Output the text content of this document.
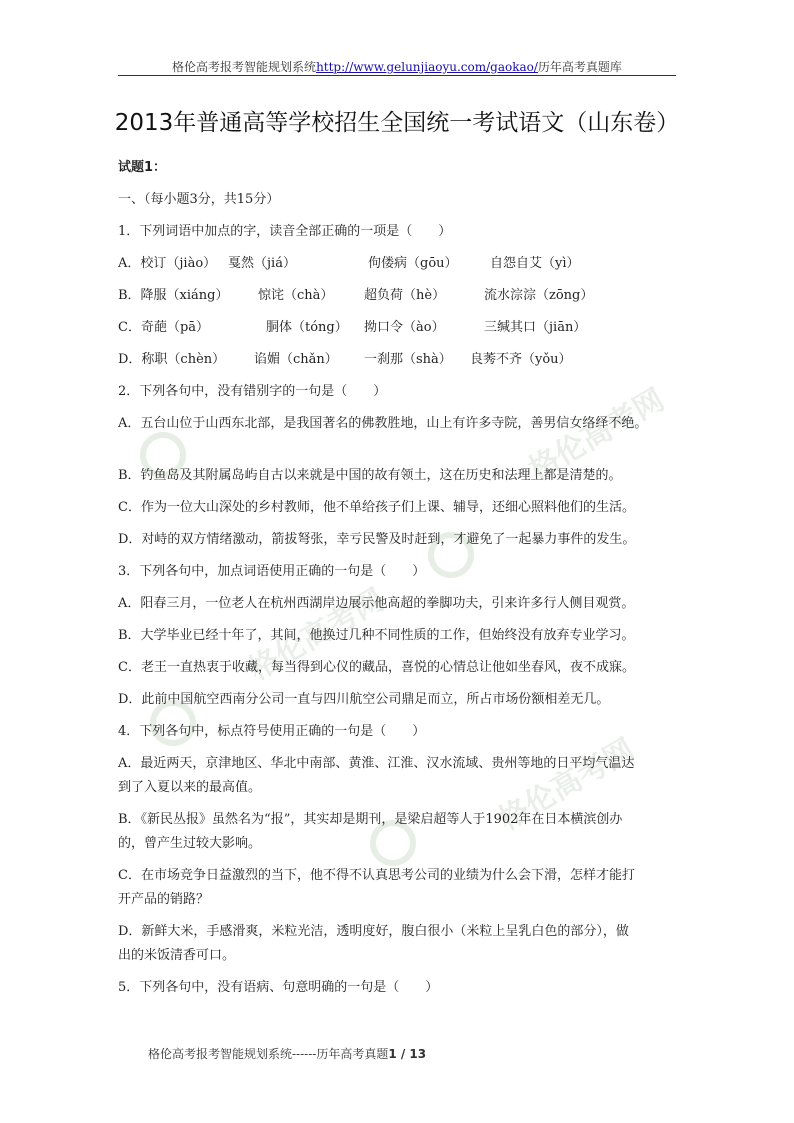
格伦高考报考智能规划系统http://www.gelunjiaoyu.com/gaokao/历年高考真题库
2013年普通高等学校招生全国统一考试语文（山东卷）
格伦高考网
格伦高考网
格伦高考网
试题1：
一、（每小题3分，共15分）
1．下列词语中加点的字，读音全部正确的一项是（　　）
A．校订（jiào） 戛然（jiá）	佝偻病（gōu） 自怨自艾（yì）
B．降服（xiáng） 惊诧（chà） 超负荷（hè）	流水淙淙（zōng）
C．奇葩（pā）	胴体（tóng） 拗口令（ào）	三缄其口（jiān）
D．称职（chèn） 谄媚（chǎn） 一刹那（shà） 良莠不齐（yǒu）
2．下列各句中，没有错别字的一句是（　　）
A．五台山位于山西东北部，是我国著名的佛教胜地，山上有许多寺院，善男信女络绎不绝。
B．钓鱼岛及其附属岛屿自古以来就是中国的故有领土，这在历史和法理上都是清楚的。
C．作为一位大山深处的乡村教师，他不单给孩子们上课、辅导，还细心照料他们的生活。
D．对峙的双方情绪激动，箭拔弩张，幸亏民警及时赶到，才避免了一起暴力事件的发生。
3．下列各句中，加点词语使用正确的一句是（　　）
A．阳春三月，一位老人在杭州西湖岸边展示他高超的拳脚功夫，引来许多行人侧目观赏。
B．大学毕业已经十年了，其间，他换过几种不同性质的工作，但始终没有放弃专业学习。
C．老王一直热衷于收藏，每当得到心仪的藏品，喜悦的心情总让他如坐春风，夜不成寐。
D．此前中国航空西南分公司一直与四川航空公司鼎足而立，所占市场份额相差无几。
4．下列各句中，标点符号使用正确的一句是（　　）
A．最近两天，京津地区、华北中南部、黄淮、江淮、汉水流域、贵州等地的日平均气温达
到了入夏以来的最高值。
B．《新民丛报》虽然名为“报”，其实却是期刊，是梁启超等人于1902年在日本横滨创办
的，曾产生过较大影响。
C．在市场竞争日益激烈的当下，他不得不认真思考公司的业绩为什么会下滑，怎样才能打
开产品的销路？
D．新鲜大米，手感滑爽，米粒光洁，透明度好，腹白很小（米粒上呈乳白色的部分），做
出的米饭清香可口。
5．下列各句中，没有语病、句意明确的一句是（　　）
格伦高考报考智能规划系统------历年高考真题1 / 13
